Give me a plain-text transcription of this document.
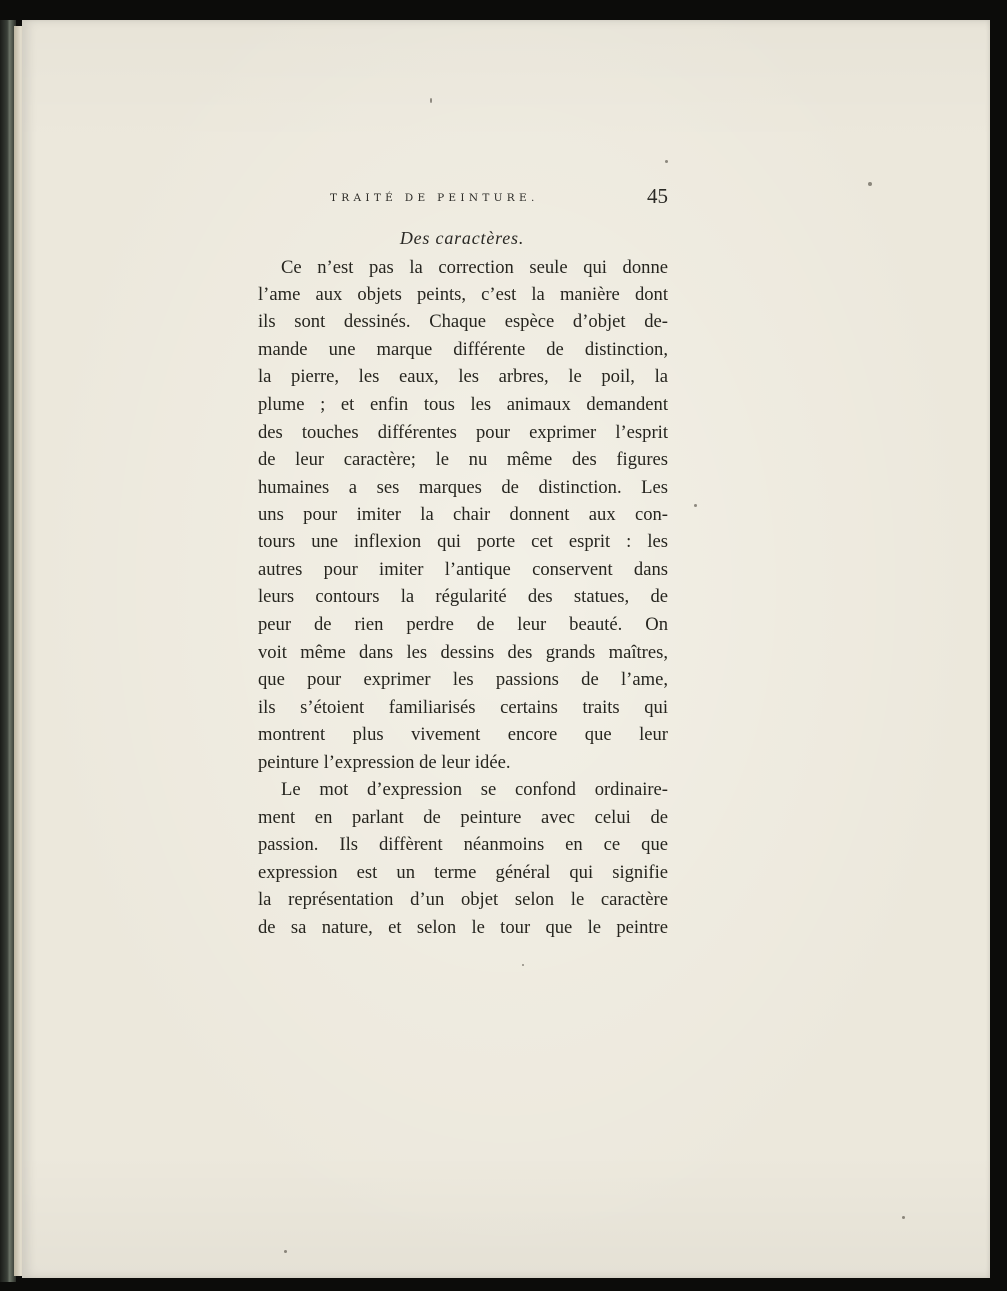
TRAITÉ DE PEINTURE.	45
Des caractères.
Ce n’est pas la correction seule qui donne
l’ame aux objets peints, c’est la manière dont
ils sont dessinés. Chaque espèce d’objet de-
mande une marque différente de distinction,
la pierre, les eaux, les arbres, le poil, la
plume ; et enfin tous les animaux demandent
des touches différentes pour exprimer l’esprit
de leur caractère; le nu même des figures
humaines a ses marques de distinction. Les
uns pour imiter la chair donnent aux con-
tours une inflexion qui porte cet esprit : les
autres pour imiter l’antique conservent dans
leurs contours la régularité des statues, de
peur de rien perdre de leur beauté. On
voit même dans les dessins des grands maîtres,
que pour exprimer les passions de l’ame,
ils s’étoient familiarisés certains traits qui
montrent plus vivement encore que leur
peinture l’expression de leur idée.
Le mot d’expression se confond ordinaire-
ment en parlant de peinture avec celui de
passion. Ils diffèrent néanmoins en ce que
expression est un terme général qui signifie
la représentation d’un objet selon le caractère
de sa nature, et selon le tour que le peintre
